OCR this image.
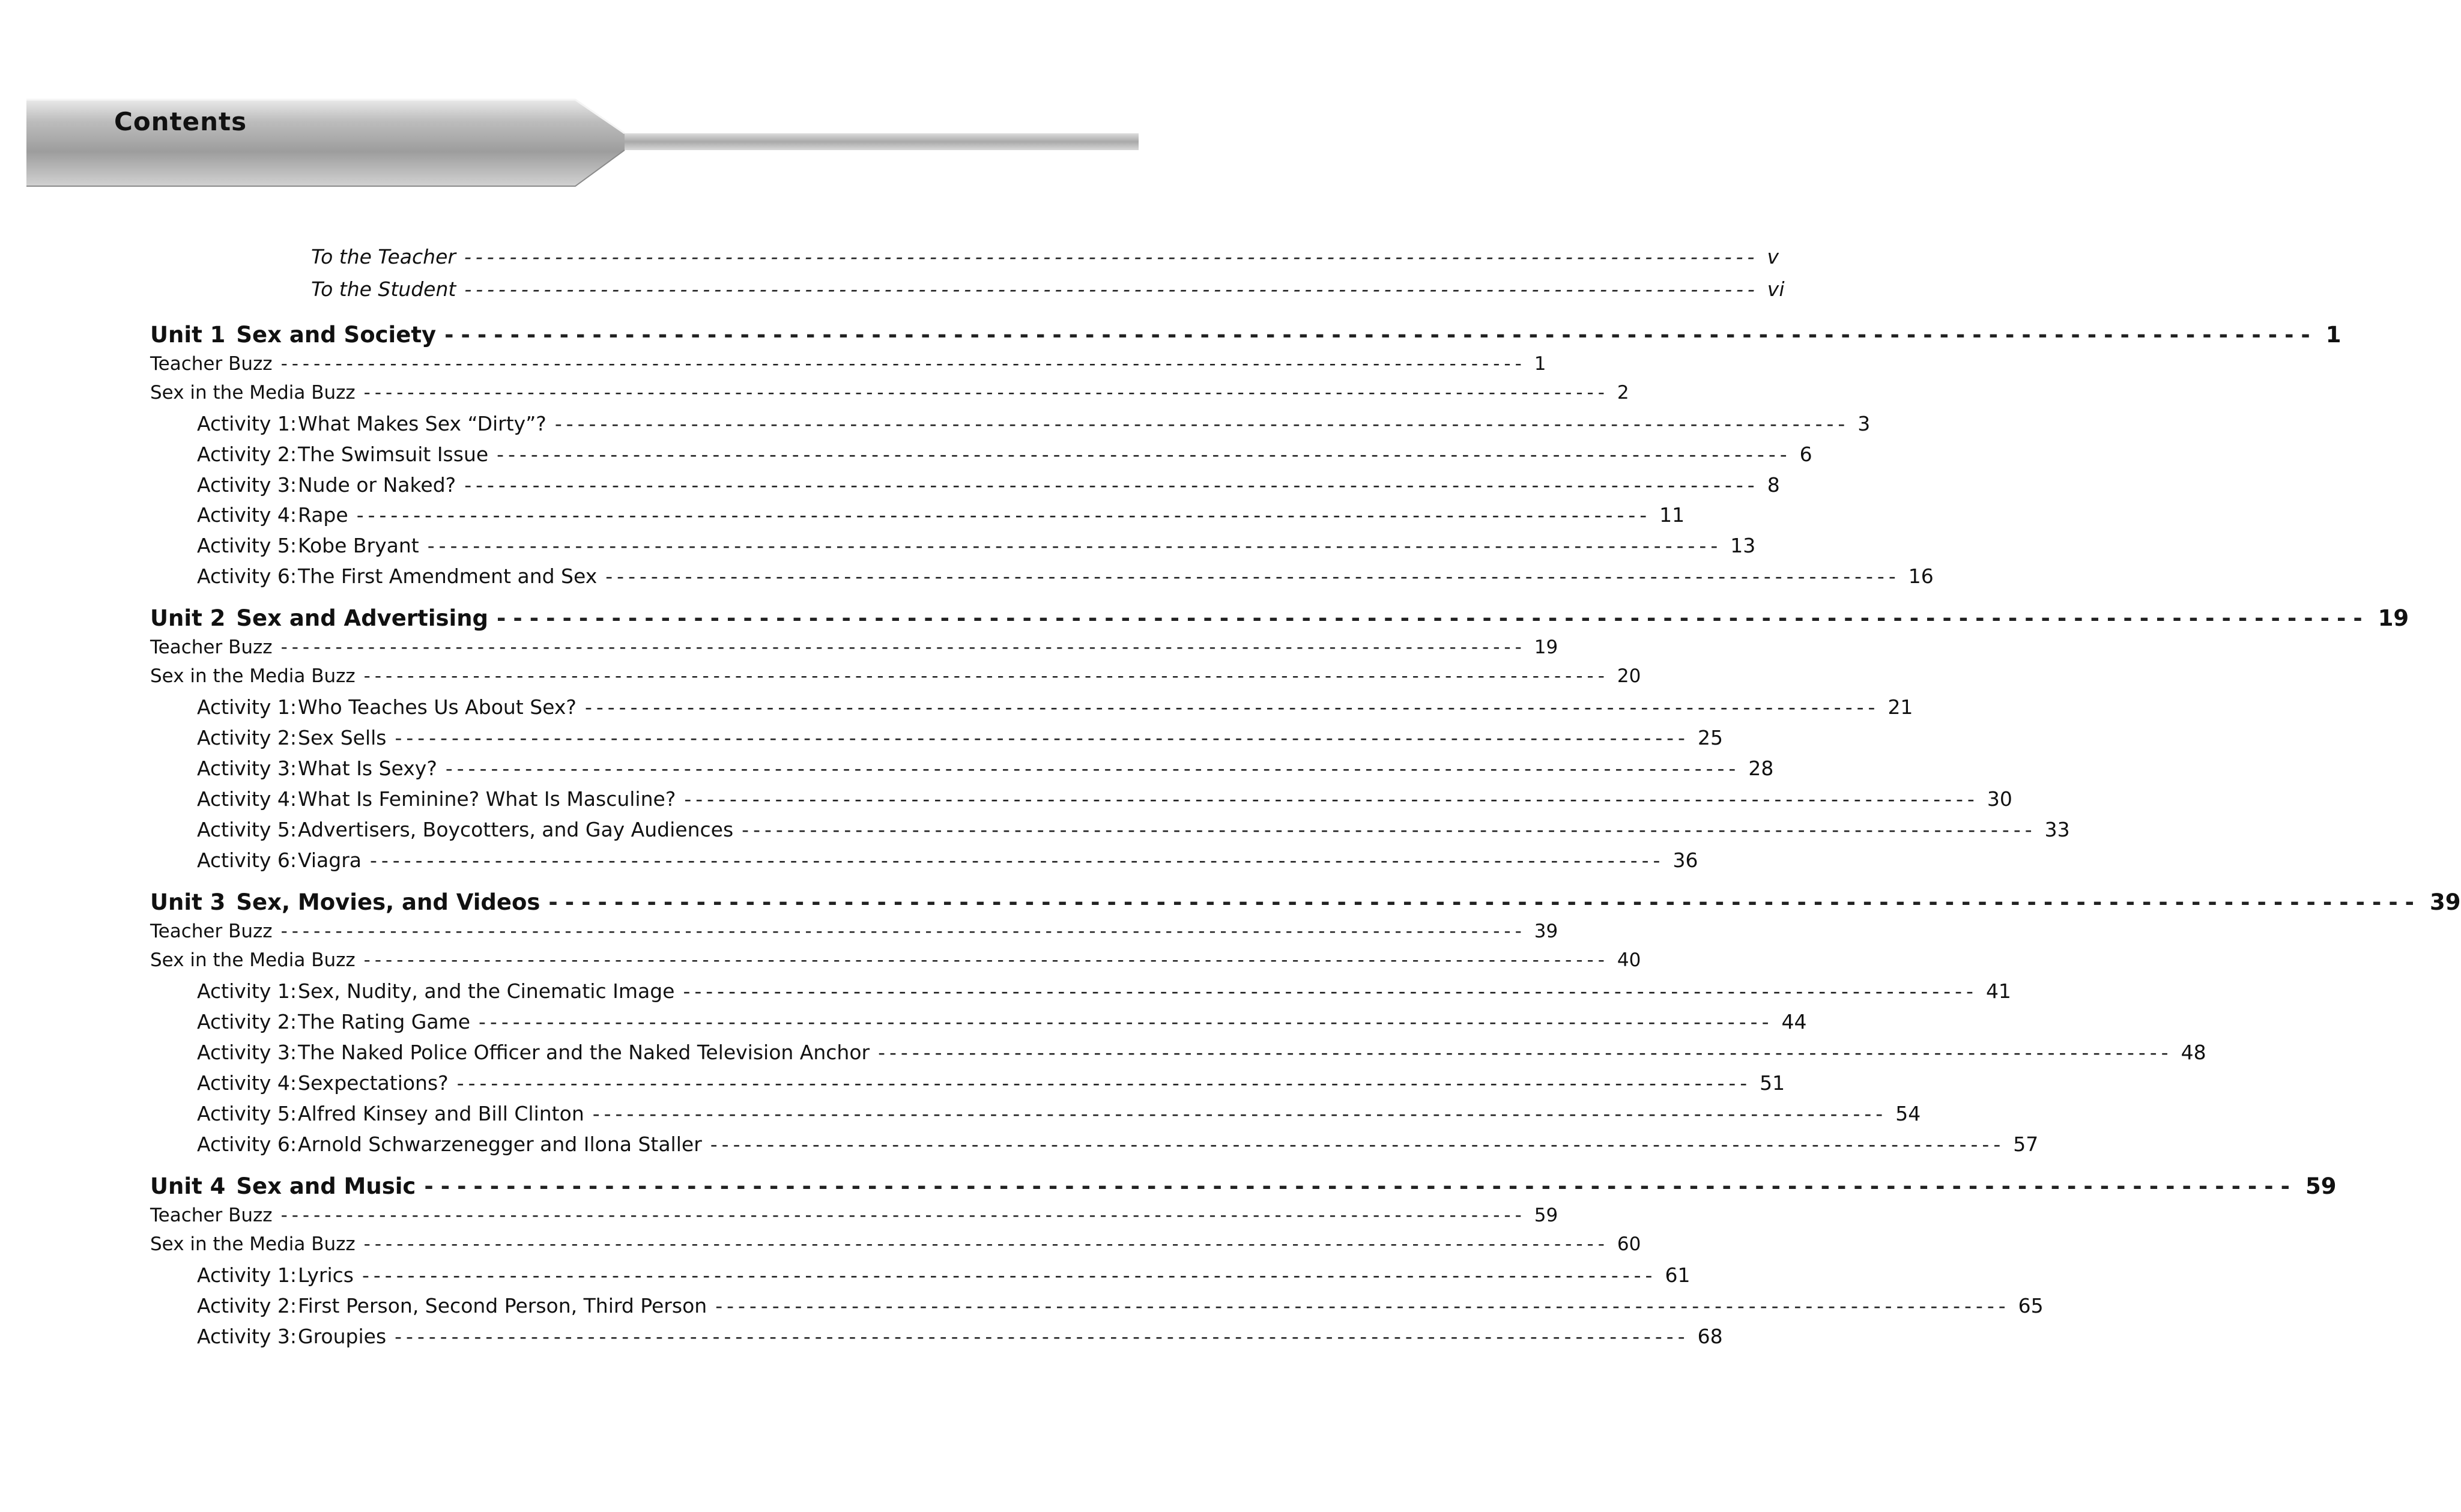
Contents
To the Teacher ------------------------------------------------------------------------------------------------------------------ v
To the Student ------------------------------------------------------------------------------------------------------------------ vi
Unit 1 Sex and Society ------------------------------------------------------------------------------------------------------------------ 1
Teacher Buzz ------------------------------------------------------------------------------------------------------------------ 1
Sex in the Media Buzz ------------------------------------------------------------------------------------------------------------------ 2
Activity 1:What Makes Sex “Dirty”? ------------------------------------------------------------------------------------------------------------------ 3
Activity 2:The Swimsuit Issue ------------------------------------------------------------------------------------------------------------------ 6
Activity 3:Nude or Naked? ------------------------------------------------------------------------------------------------------------------ 8
Activity 4:Rape ------------------------------------------------------------------------------------------------------------------ 11
Activity 5:Kobe Bryant ------------------------------------------------------------------------------------------------------------------ 13
Activity 6:The First Amendment and Sex ------------------------------------------------------------------------------------------------------------------ 16
Unit 2 Sex and Advertising ------------------------------------------------------------------------------------------------------------------ 19
Teacher Buzz ------------------------------------------------------------------------------------------------------------------ 19
Sex in the Media Buzz ------------------------------------------------------------------------------------------------------------------ 20
Activity 1:Who Teaches Us About Sex? ------------------------------------------------------------------------------------------------------------------ 21
Activity 2:Sex Sells ------------------------------------------------------------------------------------------------------------------ 25
Activity 3:What Is Sexy? ------------------------------------------------------------------------------------------------------------------ 28
Activity 4:What Is Feminine? What Is Masculine? ------------------------------------------------------------------------------------------------------------------ 30
Activity 5:Advertisers, Boycotters, and Gay Audiences ------------------------------------------------------------------------------------------------------------------ 33
Activity 6:Viagra ------------------------------------------------------------------------------------------------------------------ 36
Unit 3 Sex, Movies, and Videos ------------------------------------------------------------------------------------------------------------------ 39
Teacher Buzz ------------------------------------------------------------------------------------------------------------------ 39
Sex in the Media Buzz ------------------------------------------------------------------------------------------------------------------ 40
Activity 1:Sex, Nudity, and the Cinematic Image ------------------------------------------------------------------------------------------------------------------ 41
Activity 2:The Rating Game ------------------------------------------------------------------------------------------------------------------ 44
Activity 3:The Naked Police Officer and the Naked Television Anchor ------------------------------------------------------------------------------------------------------------------ 48
Activity 4:Sexpectations? ------------------------------------------------------------------------------------------------------------------ 51
Activity 5:Alfred Kinsey and Bill Clinton ------------------------------------------------------------------------------------------------------------------ 54
Activity 6:Arnold Schwarzenegger and Ilona Staller ------------------------------------------------------------------------------------------------------------------ 57
Unit 4 Sex and Music ------------------------------------------------------------------------------------------------------------------ 59
Teacher Buzz ------------------------------------------------------------------------------------------------------------------ 59
Sex in the Media Buzz ------------------------------------------------------------------------------------------------------------------ 60
Activity 1:Lyrics ------------------------------------------------------------------------------------------------------------------ 61
Activity 2:First Person, Second Person, Third Person ------------------------------------------------------------------------------------------------------------------ 65
Activity 3:Groupies ------------------------------------------------------------------------------------------------------------------ 68
